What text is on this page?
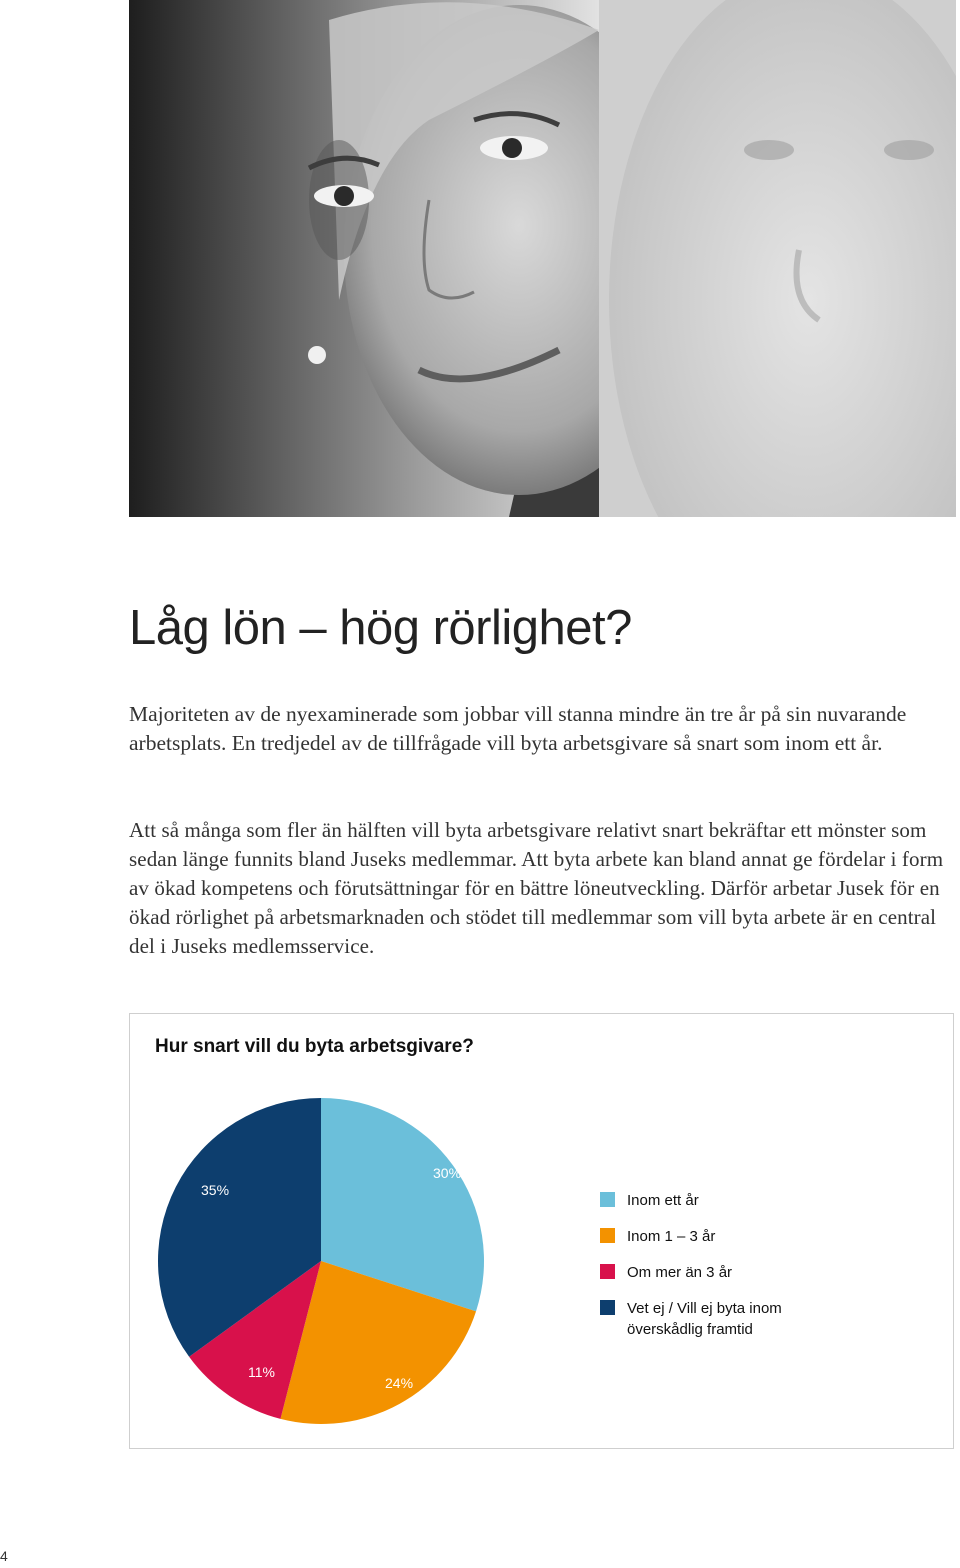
Låg lön – hög rörlighet?

Majoriteten av de nyexaminerade som jobbar vill stanna mindre än tre år på sin nuvarande arbetsplats. En tredjedel av de tillfrågade vill byta arbetsgivare så snart som inom ett år.

Att så många som fler än hälften vill byta arbetsgivare relativt snart bekräftar ett mönster som sedan länge funnits bland Juseks medlemmar. Att byta arbete kan bland annat ge fördelar i form av ökad kompetens och förutsättningar för en bättre löneutveckling. Därför arbetar Jusek för en ökad rörlighet på arbetsmarknaden och stödet till medlemmar som vill byta arbete är en central del i Juseks medlemsservice.

Hur snart vill du byta arbetsgivare?
30%
24%
11%
35%
Inom ett år
Inom 1 – 3 år
Om mer än 3 år
Vet ej / Vill ej byta inom överskådlig framtid
4
